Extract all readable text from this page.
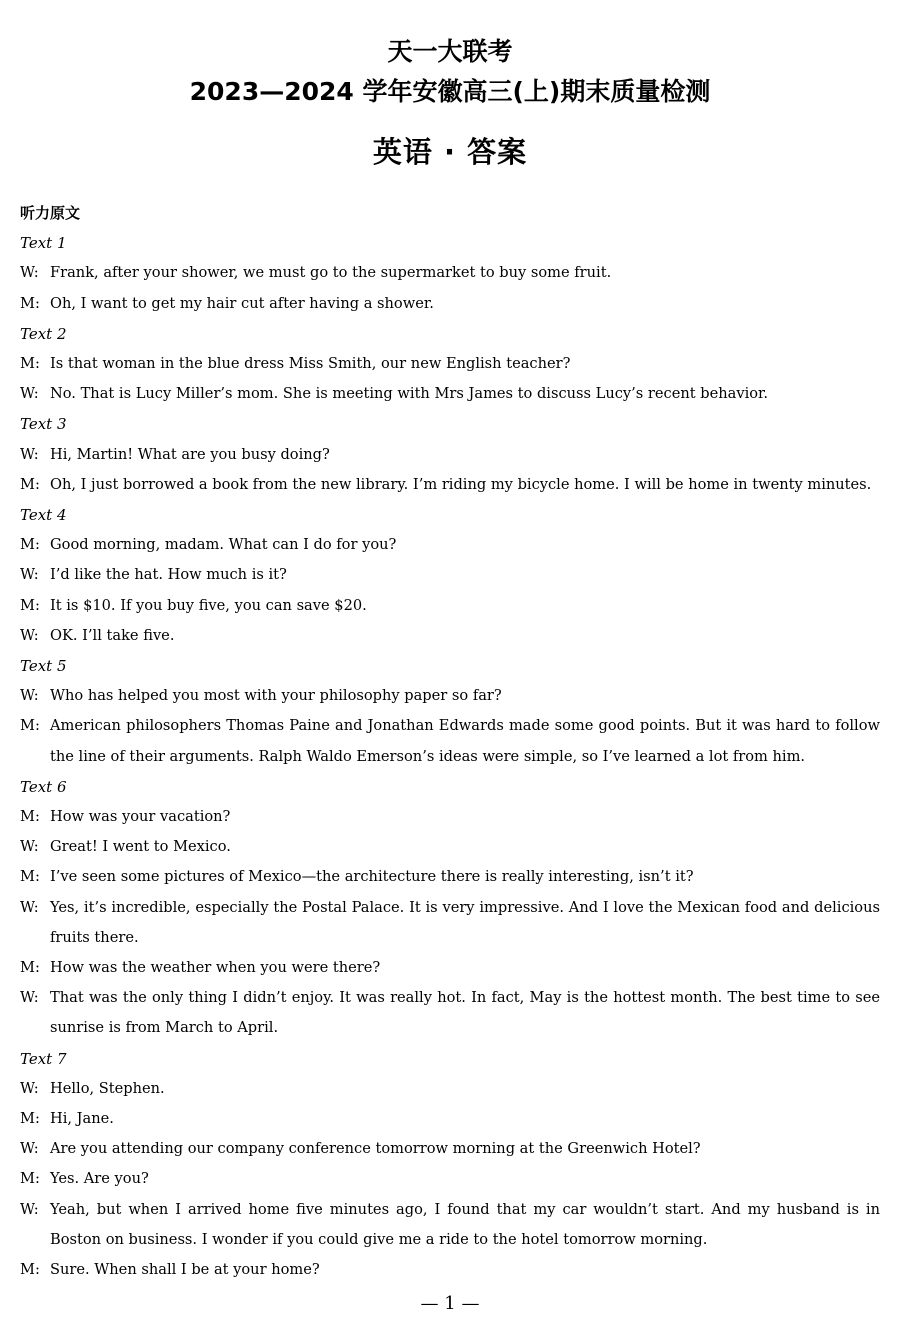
天一大联考
2023—2024 学年安徽高三(上)期末质量检测
英语 · 答案
听力原文
Text 1
W: Frank, after your shower, we must go to the supermarket to buy some fruit.
M: Oh, I want to get my hair cut after having a shower.
Text 2
M: Is that woman in the blue dress Miss Smith, our new English teacher?
W: No. That is Lucy Miller’s mom. She is meeting with Mrs James to discuss Lucy’s recent behavior.
Text 3
W: Hi, Martin! What are you busy doing?
M: Oh, I just borrowed a book from the new library. I’m riding my bicycle home. I will be home in twenty minutes.
Text 4
M: Good morning, madam. What can I do for you?
W: I’d like the hat. How much is it?
M: It is $10. If you buy five, you can save $20.
W: OK. I’ll take five.
Text 5
W: Who has helped you most with your philosophy paper so far?
M: American philosophers Thomas Paine and Jonathan Edwards made some good points. But it was hard to follow the line of their arguments. Ralph Waldo Emerson’s ideas were simple, so I’ve learned a lot from him.
Text 6
M: How was your vacation?
W: Great! I went to Mexico.
M: I’ve seen some pictures of Mexico—the architecture there is really interesting, isn’t it?
W: Yes, it’s incredible, especially the Postal Palace. It is very impressive. And I love the Mexican food and delicious fruits there.
M: How was the weather when you were there?
W: That was the only thing I didn’t enjoy. It was really hot. In fact, May is the hottest month. The best time to see sunrise is from March to April.
Text 7
W: Hello, Stephen.
M: Hi, Jane.
W: Are you attending our company conference tomorrow morning at the Greenwich Hotel?
M: Yes. Are you?
W: Yeah, but when I arrived home five minutes ago, I found that my car wouldn’t start. And my husband is in Boston on business. I wonder if you could give me a ride to the hotel tomorrow morning.
M: Sure. When shall I be at your home?
— 1 —
